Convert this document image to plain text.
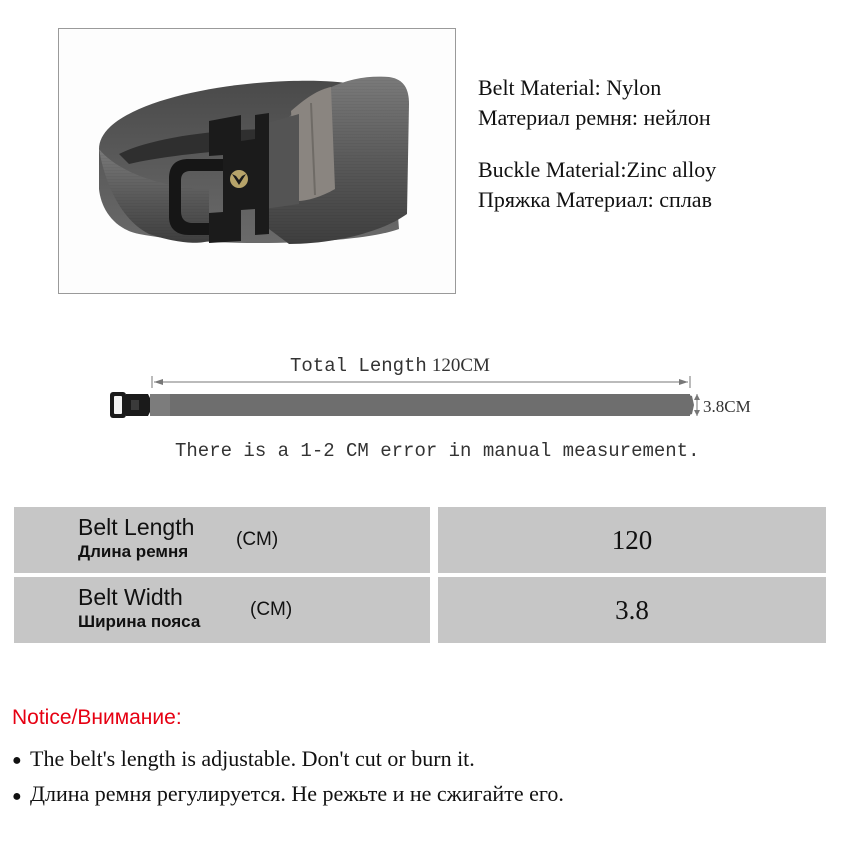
Belt Material: Nylon
Материал ремня: нейлон
Buckle Material:Zinc alloy
Пряжка Материал: сплав
Total Length 120CM
3.8CM
There is a 1-2 CM error in manual measurement.
Belt Length
Длина ремня
(CM)	120
Belt Width
Ширина пояса
(CM)	3.8
Notice/Внимание:
● The belt's length is adjustable. Don't cut or burn it.
● Длина ремня регулируется. Не режьте и не сжигайте его.
